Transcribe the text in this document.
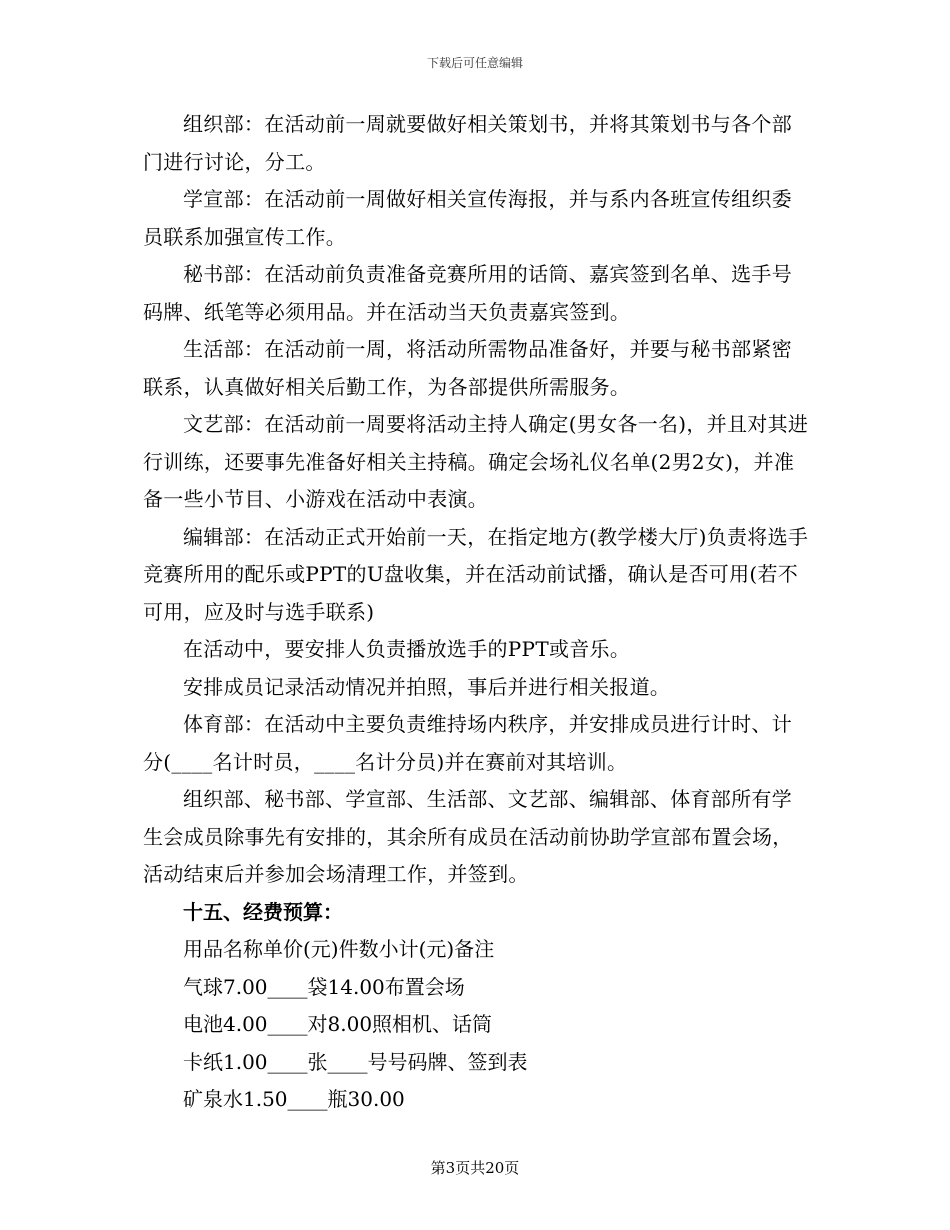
下载后可任意编辑

组织部：在活动前一周就要做好相关策划书，并将其策划书与各个部门进行讨论，分工。

学宣部：在活动前一周做好相关宣传海报，并与系内各班宣传组织委员联系加强宣传工作。

秘书部：在活动前负责准备竞赛所用的话筒、嘉宾签到名单、选手号码牌、纸笔等必须用品。并在活动当天负责嘉宾签到。

生活部：在活动前一周，将活动所需物品准备好，并要与秘书部紧密联系，认真做好相关后勤工作，为各部提供所需服务。

文艺部：在活动前一周要将活动主持人确定(男女各一名)，并且对其进行训练，还要事先准备好相关主持稿。确定会场礼仪名单(2男2女)，并准备一些小节目、小游戏在活动中表演。

编辑部：在活动正式开始前一天，在指定地方(教学楼大厅)负责将选手竞赛所用的配乐或PPT的U盘收集，并在活动前试播，确认是否可用(若不可用，应及时与选手联系)

在活动中，要安排人负责播放选手的PPT或音乐。

安排成员记录活动情况并拍照，事后并进行相关报道。

体育部：在活动中主要负责维持场内秩序，并安排成员进行计时、计分(____名计时员，____名计分员)并在赛前对其培训。

组织部、秘书部、学宣部、生活部、文艺部、编辑部、体育部所有学生会成员除事先有安排的，其余所有成员在活动前协助学宣部布置会场，活动结束后并参加会场清理工作，并签到。

十五、经费预算：

用品名称单价(元)件数小计(元)备注

气球7.00____袋14.00布置会场

电池4.00____对8.00照相机、话筒

卡纸1.00____张____号号码牌、签到表

矿泉水1.50____瓶30.00

第3页共20页
